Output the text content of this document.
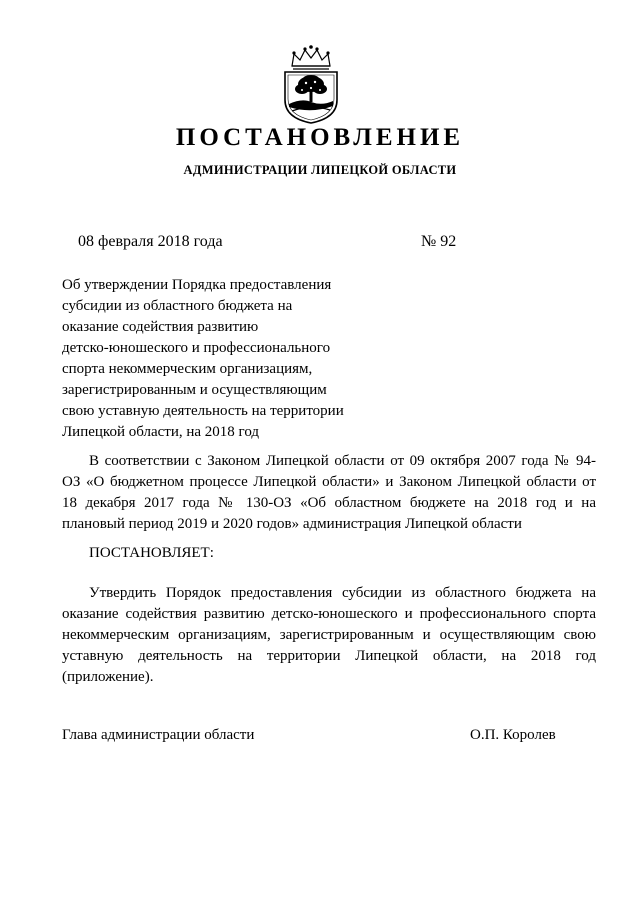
ПОСТАНОВЛЕНИЕ
АДМИНИСТРАЦИИ ЛИПЕЦКОЙ ОБЛАСТИ
08 февраля 2018 года	№ 92
Об утверждении Порядка предоставления
субсидии из областного бюджета на
оказание содействия развитию
детско-юношеского и профессионального
спорта некоммерческим организациям,
зарегистрированным и осуществляющим
свою уставную деятельность на территории
Липецкой области, на 2018 год
В соответствии с Законом Липецкой области от 09 октября 2007 года № 94-
ОЗ «О бюджетном процессе Липецкой области» и Законом Липецкой области от
18 декабря 2017 года № 130-ОЗ «Об областном бюджете на 2018 год и на
плановый период 2019 и 2020 годов» администрация Липецкой области
ПОСТАНОВЛЯЕТ:
Утвердить Порядок предоставления субсидии из областного бюджета на
оказание содействия развитию детско-юношеского и профессионального спорта
некоммерческим организациям, зарегистрированным и осуществляющим свою
уставную деятельность на территории Липецкой области, на 2018 год
(приложение).
Глава администрации области	О.П. Королев
